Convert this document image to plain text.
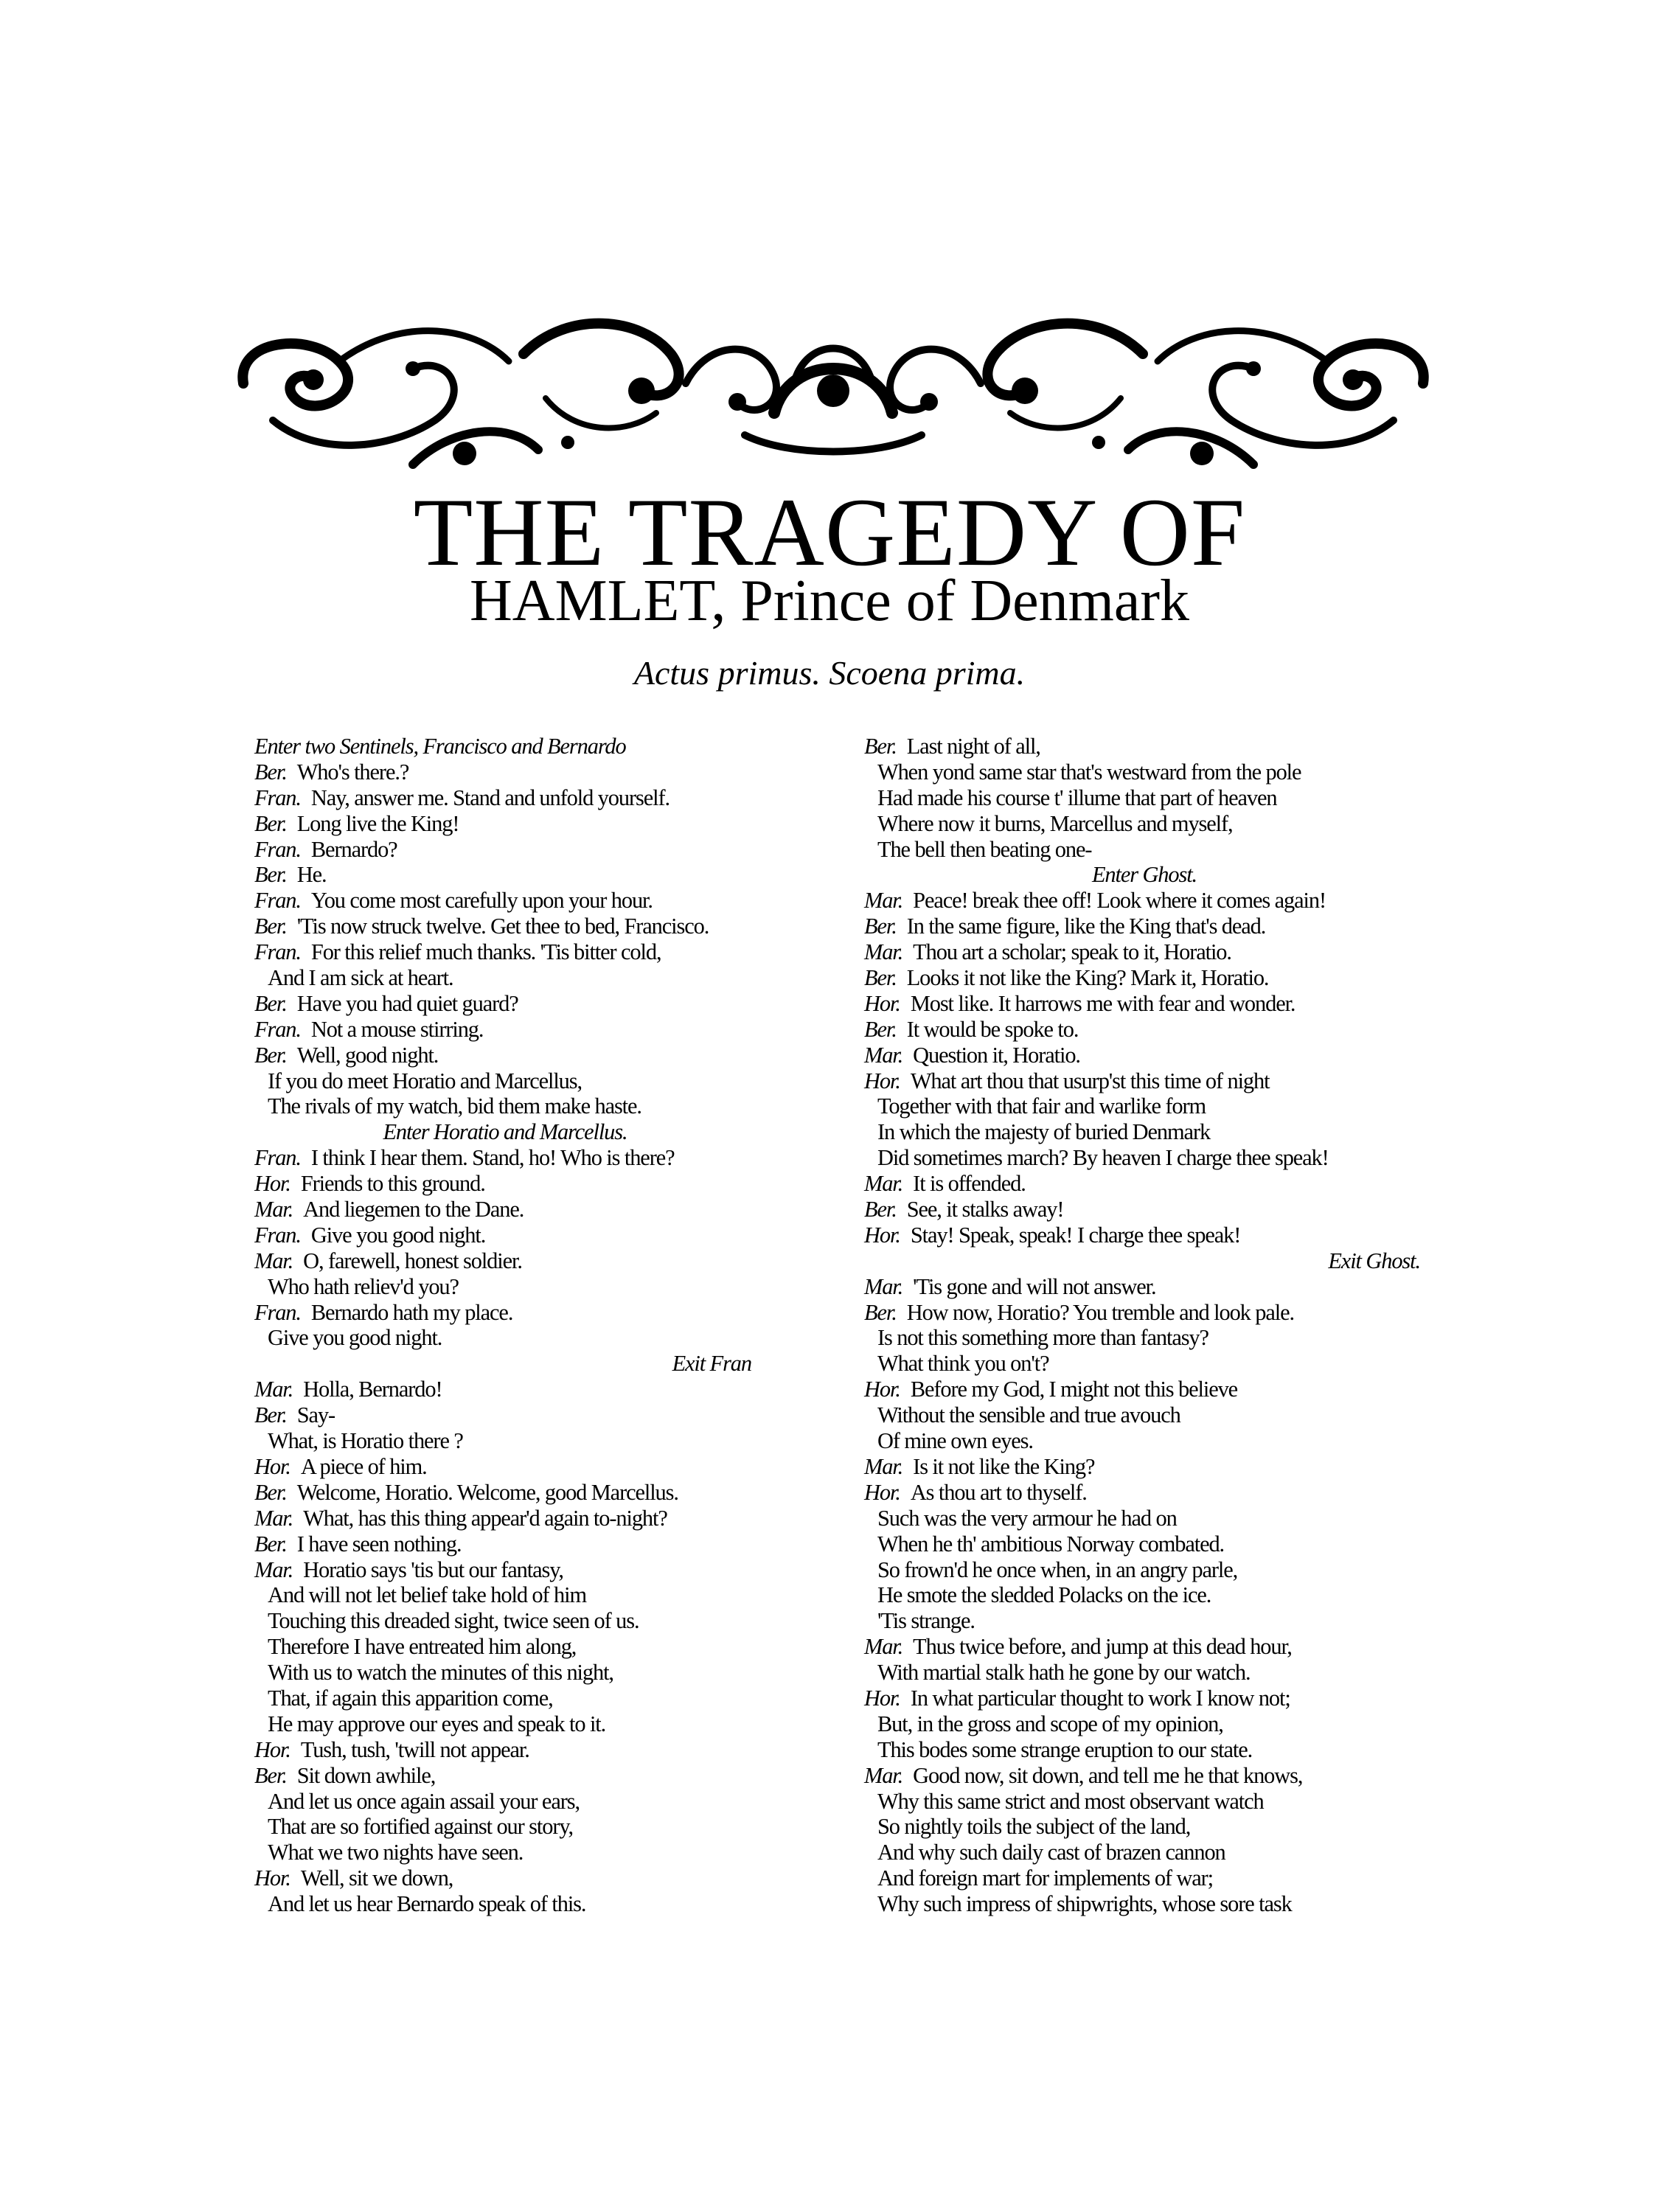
THE TRAGEDY OF
HAMLET, Prince of Denmark

Actus primus. Scoena prima.

Enter two Sentinels, Francisco and Bernardo
Ber. Who's there.?
Fran. Nay, answer me. Stand and unfold yourself.
Ber. Long live the King!
Fran. Bernardo?
Ber. He.
Fran. You come most carefully upon your hour.
Ber. 'Tis now struck twelve. Get thee to bed, Francisco.
Fran. For this relief much thanks. 'Tis bitter cold,
And I am sick at heart.
Ber. Have you had quiet guard?
Fran. Not a mouse stirring.
Ber. Well, good night.
If you do meet Horatio and Marcellus,
The rivals of my watch, bid them make haste.
Enter Horatio and Marcellus.
Fran. I think I hear them. Stand, ho! Who is there?
Hor. Friends to this ground.
Mar. And liegemen to the Dane.
Fran. Give you good night.
Mar. O, farewell, honest soldier.
Who hath reliev'd you?
Fran. Bernardo hath my place.
Give you good night.
Exit Fran
Mar. Holla, Bernardo!
Ber. Say-
What, is Horatio there ?
Hor. A piece of him.
Ber. Welcome, Horatio. Welcome, good Marcellus.
Mar. What, has this thing appear'd again to-night?
Ber. I have seen nothing.
Mar. Horatio says 'tis but our fantasy,
And will not let belief take hold of him
Touching this dreaded sight, twice seen of us.
Therefore I have entreated him along,
With us to watch the minutes of this night,
That, if again this apparition come,
He may approve our eyes and speak to it.
Hor. Tush, tush, 'twill not appear.
Ber. Sit down awhile,
And let us once again assail your ears,
That are so fortified against our story,
What we two nights have seen.
Hor. Well, sit we down,
And let us hear Bernardo speak of this.
Ber. Last night of all,
When yond same star that's westward from the pole
Had made his course t' illume that part of heaven
Where now it burns, Marcellus and myself,
The bell then beating one-
Enter Ghost.
Mar. Peace! break thee off! Look where it comes again!
Ber. In the same figure, like the King that's dead.
Mar. Thou art a scholar; speak to it, Horatio.
Ber. Looks it not like the King? Mark it, Horatio.
Hor. Most like. It harrows me with fear and wonder.
Ber. It would be spoke to.
Mar. Question it, Horatio.
Hor. What art thou that usurp'st this time of night
Together with that fair and warlike form
In which the majesty of buried Denmark
Did sometimes march? By heaven I charge thee speak!
Mar. It is offended.
Ber. See, it stalks away!
Hor. Stay! Speak, speak! I charge thee speak!
Exit Ghost.
Mar. 'Tis gone and will not answer.
Ber. How now, Horatio? You tremble and look pale.
Is not this something more than fantasy?
What think you on't?
Hor. Before my God, I might not this believe
Without the sensible and true avouch
Of mine own eyes.
Mar. Is it not like the King?
Hor. As thou art to thyself.
Such was the very armour he had on
When he th' ambitious Norway combated.
So frown'd he once when, in an angry parle,
He smote the sledded Polacks on the ice.
'Tis strange.
Mar. Thus twice before, and jump at this dead hour,
With martial stalk hath he gone by our watch.
Hor. In what particular thought to work I know not;
But, in the gross and scope of my opinion,
This bodes some strange eruption to our state.
Mar. Good now, sit down, and tell me he that knows,
Why this same strict and most observant watch
So nightly toils the subject of the land,
And why such daily cast of brazen cannon
And foreign mart for implements of war;
Why such impress of shipwrights, whose sore task
